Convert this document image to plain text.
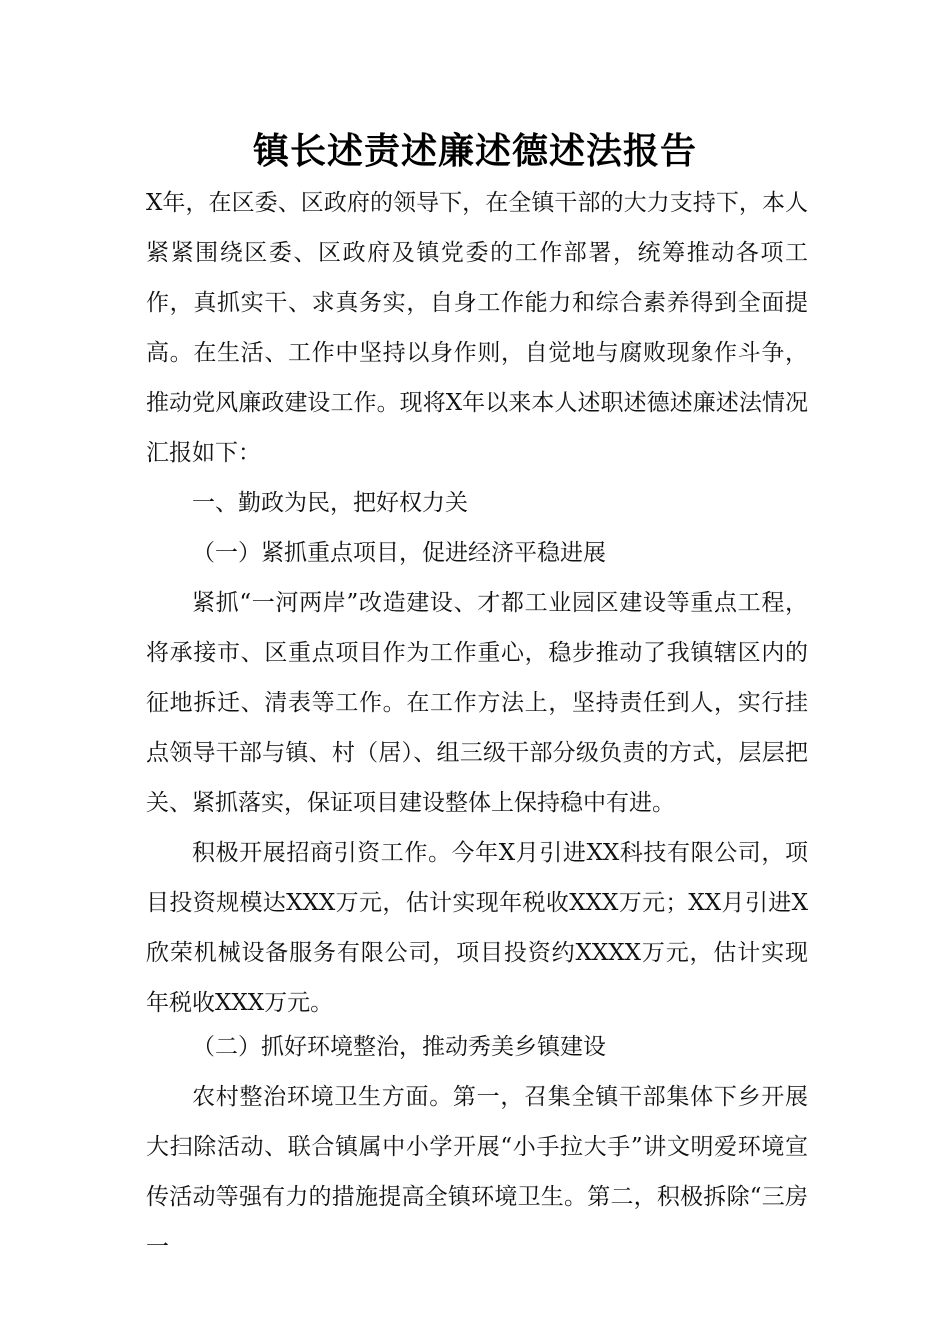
镇长述责述廉述德述法报告

X年，在区委、区政府的领导下，在全镇干部的大力支持下，本人紧紧围绕区委、区政府及镇党委的工作部署，统筹推动各项工作，真抓实干、求真务实，自身工作能力和综合素养得到全面提高。在生活、工作中坚持以身作则，自觉地与腐败现象作斗争，推动党风廉政建设工作。现将X年以来本人述职述德述廉述法情况汇报如下：

一、勤政为民，把好权力关

（一）紧抓重点项目，促进经济平稳进展

紧抓“一河两岸”改造建设、才都工业园区建设等重点工程，将承接市、区重点项目作为工作重心，稳步推动了我镇辖区内的征地拆迁、清表等工作。在工作方法上，坚持责任到人，实行挂点领导干部与镇、村（居）、组三级干部分级负责的方式，层层把关、紧抓落实，保证项目建设整体上保持稳中有进。

积极开展招商引资工作。今年X月引进XX科技有限公司，项目投资规模达XXX万元，估计实现年税收XXX万元；XX月引进X欣荣机械设备服务有限公司，项目投资约XXXX万元，估计实现年税收XXX万元。

（二）抓好环境整治，推动秀美乡镇建设

农村整治环境卫生方面。第一，召集全镇干部集体下乡开展大扫除活动、联合镇属中小学开展“小手拉大手”讲文明爱环境宣传活动等强有力的措施提高全镇环境卫生。第二，积极拆除“三房一
